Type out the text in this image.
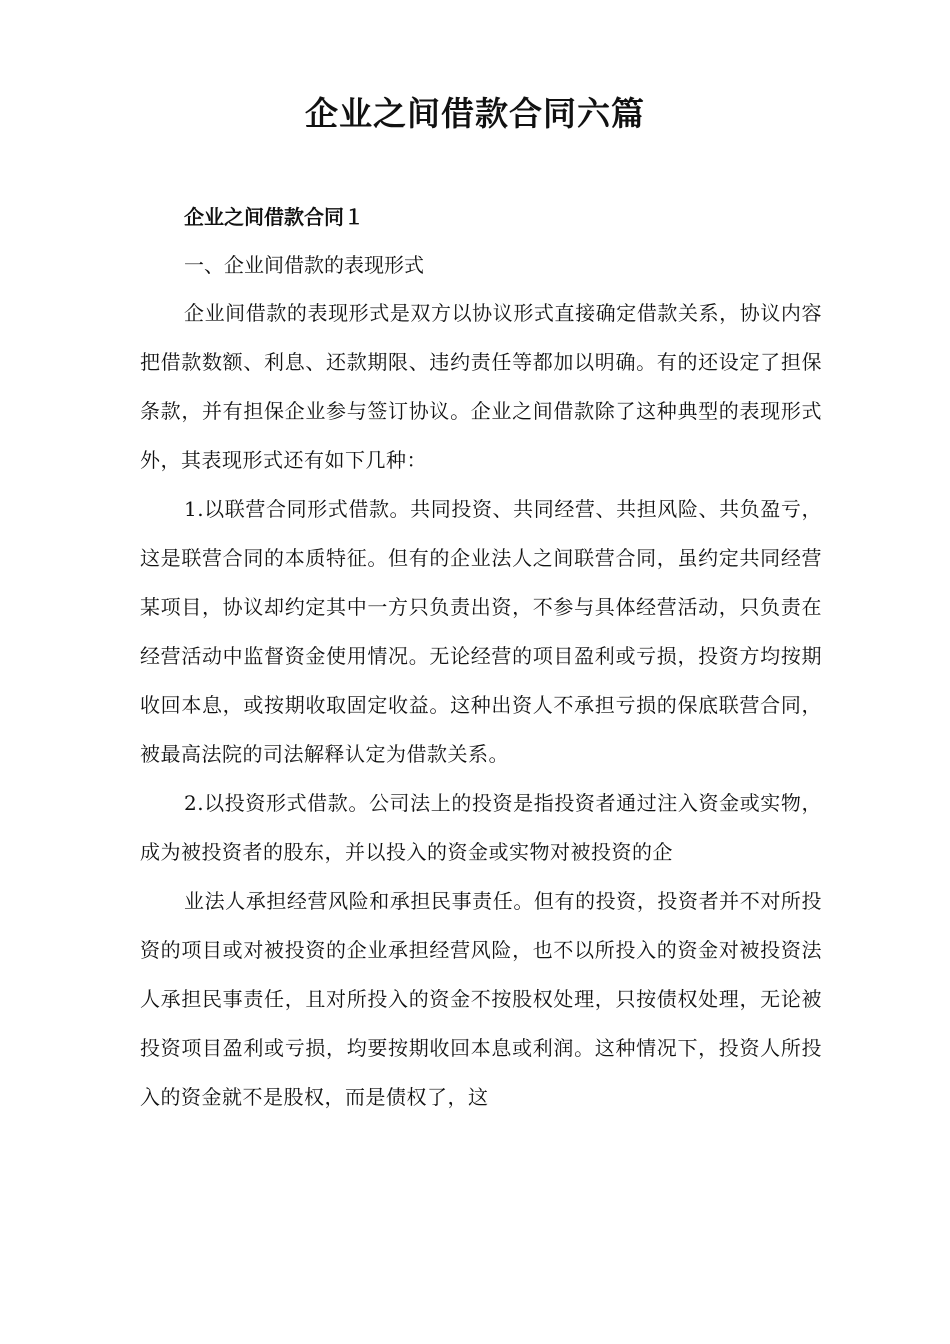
企业之间借款合同六篇

企业之间借款合同１

一、企业间借款的表现形式

企业间借款的表现形式是双方以协议形式直接确定借款关系，协议内容把借款数额、利息、还款期限、违约责任等都加以明确。有的还设定了担保条款，并有担保企业参与签订协议。企业之间借款除了这种典型的表现形式外，其表现形式还有如下几种：

1.以联营合同形式借款。共同投资、共同经营、共担风险、共负盈亏，这是联营合同的本质特征。但有的企业法人之间联营合同，虽约定共同经营某项目，协议却约定其中一方只负责出资，不参与具体经营活动，只负责在经营活动中监督资金使用情况。无论经营的项目盈利或亏损，投资方均按期收回本息，或按期收取固定收益。这种出资人不承担亏损的保底联营合同，被最高法院的司法解释认定为借款关系。

2.以投资形式借款。公司法上的投资是指投资者通过注入资金或实物，成为被投资者的股东，并以投入的资金或实物对被投资的企

业法人承担经营风险和承担民事责任。但有的投资，投资者并不对所投资的项目或对被投资的企业承担经营风险，也不以所投入的资金对被投资法人承担民事责任，且对所投入的资金不按股权处理，只按债权处理，无论被投资项目盈利或亏损，均要按期收回本息或利润。这种情况下，投资人所投入的资金就不是股权，而是债权了，这
